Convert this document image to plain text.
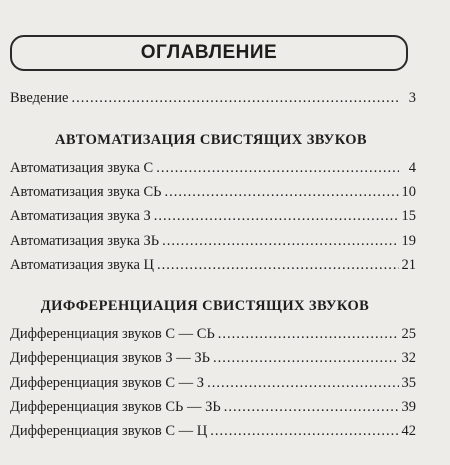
ОГЛАВЛЕНИЕ
Введение .....	3
АВТОМАТИЗАЦИЯ СВИСТЯЩИХ ЗВУКОВ
Автоматизация звука С .....	4
Автоматизация звука СЬ .....	10
Автоматизация звука З .....	15
Автоматизация звука ЗЬ .....	19
Автоматизация звука Ц .....	21
ДИФФЕРЕНЦИАЦИЯ СВИСТЯЩИХ ЗВУКОВ
Дифференциация звуков С — СЬ .....	25
Дифференциация звуков З — ЗЬ .....	32
Дифференциация звуков С — З .....	35
Дифференциация звуков СЬ — ЗЬ .....	39
Дифференциация звуков С — Ц .....	42
